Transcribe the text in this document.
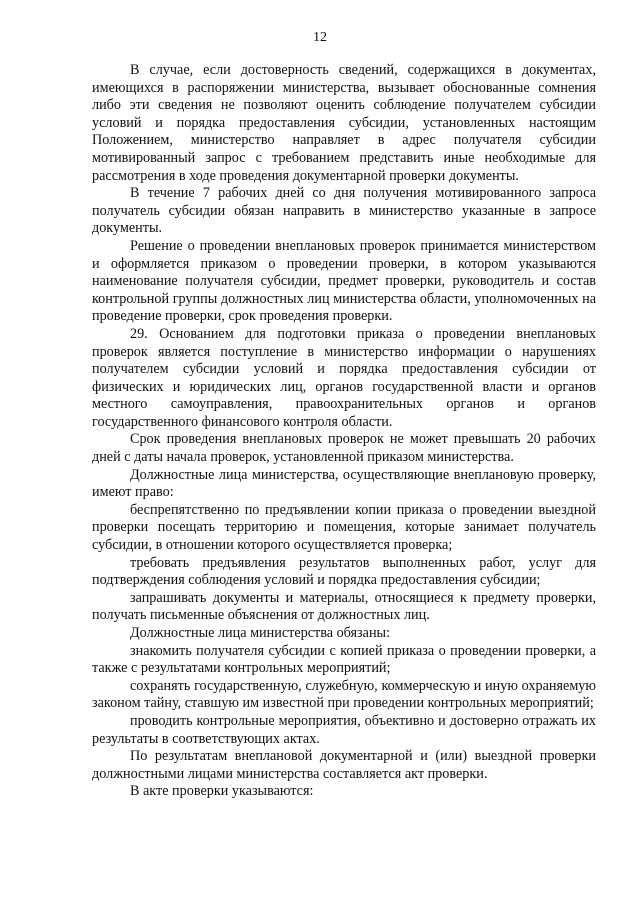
12

В случае, если достоверность сведений, содержащихся в документах, имеющихся в распоряжении министерства, вызывает обоснованные сомнения либо эти сведения не позволяют оценить соблюдение получателем субсидии условий и порядка предоставления субсидии, установленных настоящим Положением, министерство направляет в адрес получателя субсидии мотивированный запрос с требованием представить иные необходимые для рассмотрения в ходе проведения документарной проверки документы.

В течение 7 рабочих дней со дня получения мотивированного запроса получатель субсидии обязан направить в министерство указанные в запросе документы.

Решение о проведении внеплановых проверок принимается министерством и оформляется приказом о проведении проверки, в котором указываются наименование получателя субсидии, предмет проверки, руководитель и состав контрольной группы должностных лиц министерства области, уполномоченных на проведение проверки, срок проведения проверки.

29. Основанием для подготовки приказа о проведении внеплановых проверок является поступление в министерство информации о нарушениях получателем субсидии условий и порядка предоставления субсидии от физических и юридических лиц, органов государственной власти и органов местного самоуправления, правоохранительных органов и органов государственного финансового контроля области.

Срок проведения внеплановых проверок не может превышать 20 рабочих дней с даты начала проверок, установленной приказом министерства.

Должностные лица министерства, осуществляющие внеплановую проверку, имеют право:

беспрепятственно по предъявлении копии приказа о проведении выездной проверки посещать территорию и помещения, которые занимает получатель субсидии, в отношении которого осуществляется проверка;

требовать предъявления результатов выполненных работ, услуг для подтверждения соблюдения условий и порядка предоставления субсидии;

запрашивать документы и материалы, относящиеся к предмету проверки, получать письменные объяснения от должностных лиц.

Должностные лица министерства обязаны:

знакомить получателя субсидии с копией приказа о проведении проверки, а также с результатами контрольных мероприятий;

сохранять государственную, служебную, коммерческую и иную охраняемую законом тайну, ставшую им известной при проведении контрольных мероприятий;

проводить контрольные мероприятия, объективно и достоверно отражать их результаты в соответствующих актах.

По результатам внеплановой документарной и (или) выездной проверки должностными лицами министерства составляется акт проверки.

В акте проверки указываются:
